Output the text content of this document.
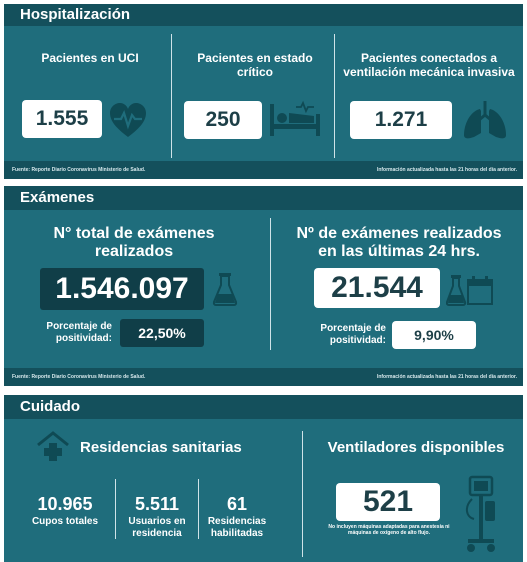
Hospitalización
Pacientes en UCI
1.555
Pacientes en estado crítico
250
Pacientes conectados a ventilación mecánica invasiva
1.271
Fuente: Reporte Diario Coronavirus Ministerio de Salud.	Información actualizada hasta las 21 horas del día anterior.
Exámenes
N° total de exámenes realizados
1.546.097
Porcentaje de positividad:	22,50%
Nº de exámenes realizados en las últimas 24 hrs.
21.544
Porcentaje de positividad:	9,90%
Fuente: Reporte Diario Coronavirus Ministerio de Salud.	Información actualizada hasta las 21 horas del día anterior.
Cuidado
Residencias sanitarias
10.965
Cupos totales
5.511
Usuarios en residencia
61
Residencias habilitadas
Ventiladores disponibles
521
No incluyen máquinas adaptadas para anestesia ni máquinas de oxígeno de alto flujo.
